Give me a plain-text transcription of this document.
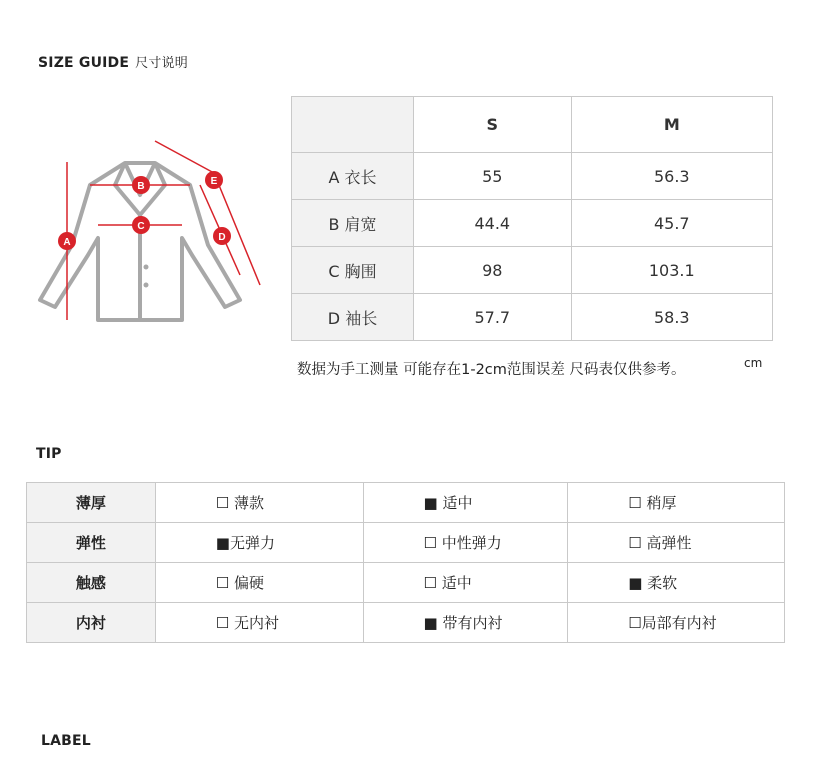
SIZE GUIDE 尺寸说明
A
B
C
D
E
	S	M
A 衣长	55	56.3
B 肩宽	44.4	45.7
C 胸围	98	103.1
D 袖长	57.7	58.3
数据为手工测量 可能存在1-2cm范围误差 尺码表仅供参考。	cm
TIP
薄厚	☐ 薄款	■ 适中	☐ 稍厚
弹性	■无弹力	☐ 中性弹力	☐ 高弹性
触感	☐ 偏硬	☐ 适中	■ 柔软
内衬	☐ 无内衬	■ 带有内衬	☐局部有内衬
LABEL
